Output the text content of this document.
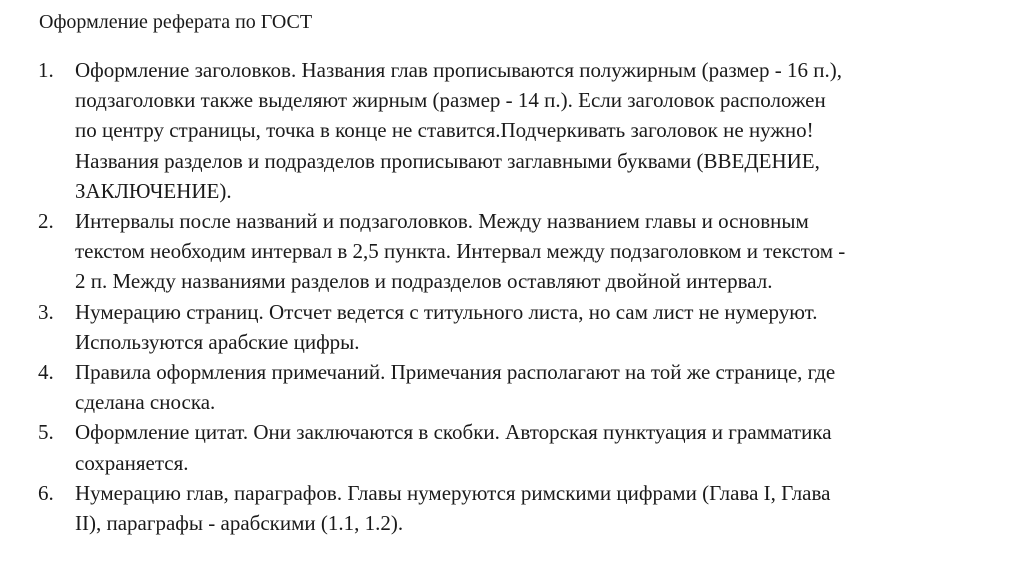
Оформление реферата по ГОСТ
1. Оформление заголовков. Названия глав прописываются полужирным (размер - 16 п.),
подзаголовки также выделяют жирным (размер - 14 п.). Если заголовок расположен
по центру страницы, точка в конце не ставится.Подчеркивать заголовок не нужно!
Названия разделов и подразделов прописывают заглавными буквами (ВВЕДЕНИЕ,
ЗАКЛЮЧЕНИЕ).
2. Интервалы после названий и подзаголовков. Между названием главы и основным
текстом необходим интервал в 2,5 пункта. Интервал между подзаголовком и текстом -
2 п. Между названиями разделов и подразделов оставляют двойной интервал.
3. Нумерацию страниц. Отсчет ведется с титульного листа, но сам лист не нумеруют.
Используются арабские цифры.
4. Правила оформления примечаний. Примечания располагают на той же странице, где
сделана сноска.
5. Оформление цитат. Они заключаются в скобки. Авторская пунктуация и грамматика
сохраняется.
6. Нумерацию глав, параграфов. Главы нумеруются римскими цифрами (Глава I, Глава
II), параграфы - арабскими (1.1, 1.2).
